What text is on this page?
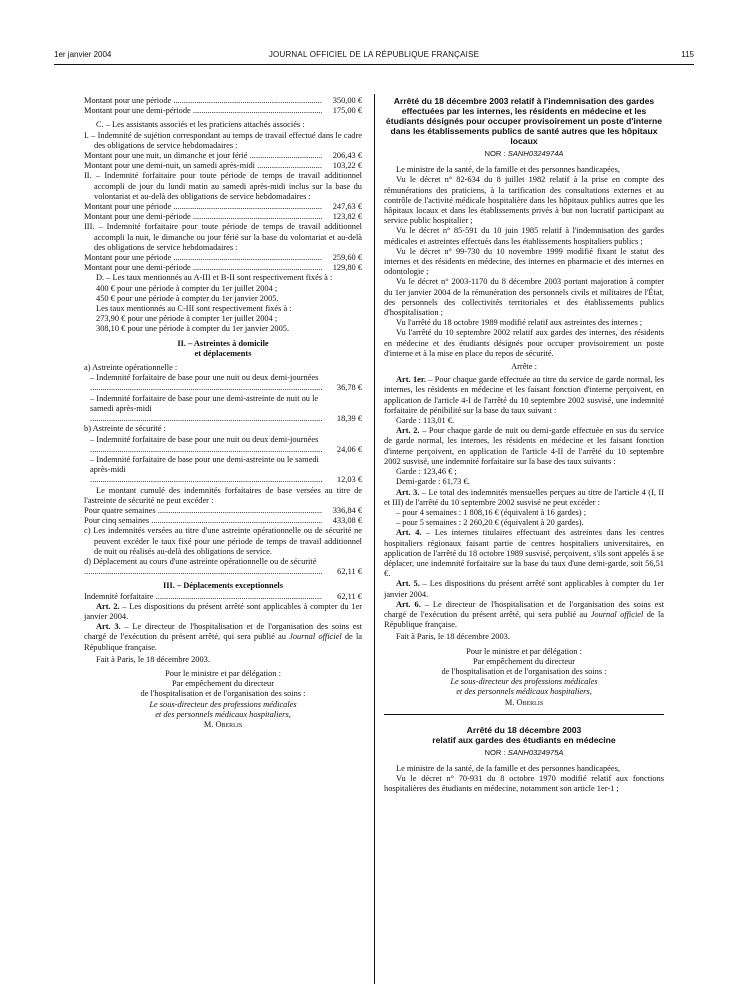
1er janvier 2004	JOURNAL OFFICIEL DE LA RÉPUBLIQUE FRANÇAISE	115
Montant pour une période .....	350,00 €
Montant pour une demi-période .....	175,00 €

C. – Les assistants associés et les praticiens attachés associés :

I. – Indemnité de sujétion correspondant au temps de travail effectué dans le cadre des obligations de service hebdomadaires :

Montant pour une nuit, un dimanche et jour férié .....	206,43 €
Montant pour une demi-nuit, un samedi après-midi .....	103,22 €

II. – Indemnité forfaitaire pour toute période de temps de travail additionnel accompli de jour du lundi matin au samedi après-midi inclus sur la base du volontariat et au-delà des obligations de service hebdomadaires :

Montant pour une période .....	247,63 €
Montant pour une demi-période .....	123,82 €

III. – Indemnité forfaitaire pour toute période de temps de travail additionnel accompli la nuit, le dimanche ou jour férié sur la base du volontariat et au-delà des obligations de service hebdomadaires :

Montant pour une période .....	259,60 €
Montant pour une demi-période .....	129,80 €

D. – Les taux mentionnés au A-III et B-II sont respectivement fixés à :

400 € pour une période à compter du 1er juillet 2004 ;

450 € pour une période à compter du 1er janvier 2005.

Les taux mentionnés au C-III sont respectivement fixés à :

273,90 € pour une période à compter 1er juillet 2004 ;

308,10 € pour une période à compter du 1er janvier 2005.

II. – Astreintes à domicile

et déplacements

a) Astreinte opérationnelle :

– Indemnité forfaitaire de base pour une nuit ou deux demi-journées .....
36,78 €
– Indemnité forfaitaire de base pour une demi-astreinte de nuit ou le samedi après-midi .....
18,39 €

b) Astreinte de sécurité :

– Indemnité forfaitaire de base pour une nuit ou deux demi-journées .....
24,06 €
– Indemnité forfaitaire de base pour une demi-astreinte ou le samedi après-midi .....
12,03 €

Le montant cumulé des indemnités forfaitaires de base versées au titre de l'astreinte de sécurité ne peut excéder :

Pour quatre semaines .....	336,84 €
Pour cinq semaines .....	433,08 €

c) Les indemnités versées au titre d'une astreinte opérationnelle ou de sécurité ne peuvent excéder le taux fixé pour une période de temps de travail additionnel de nuit ou réalisés au-delà des obligations de service.

d) Déplacement au cours d'une astreinte opérationnelle ou de sécurité .....
62,11 €

III. – Déplacements exceptionnels

Indemnité forfaitaire .....	62,11 €

Art. 2. – Les dispositions du présent arrêté sont applicables à compter du 1er janvier 2004.

Art. 3. – Le directeur de l'hospitalisation et de l'organisation des soins est chargé de l'exécution du présent arrêté, qui sera publié au Journal officiel de la République française.

Fait à Paris, le 18 décembre 2003.

Pour le ministre et par délégation :

Par empêchement du directeur

de l'hospitalisation et de l'organisation des soins :

Le sous-directeur des professions médicales

et des personnels médicaux hospitaliers,

M. Oberlis

Arrêté du 18 décembre 2003 relatif à l'indemnisation des gardes effectuées par les internes, les résidents en médecine et les étudiants désignés pour occuper provisoirement un poste d'interne dans les établissements publics de santé autres que les hôpitaux locaux

NOR : SANH0324974A

Le ministre de la santé, de la famille et des personnes handicapées,

Vu le décret n° 82-634 du 8 juillet 1982 relatif à la prise en compte des rémunérations des praticiens, à la tarification des consultations externes et au contrôle de l'activité médicale hospitalière dans les hôpitaux publics autres que les hôpitaux locaux et dans les établissements privés à but non lucratif participant au service public hospitalier ;

Vu le décret n° 85-591 du 10 juin 1985 relatif à l'indemnisation des gardes médicales et astreintes effectués dans les établissements hospitaliers publics ;

Vu le décret n° 99-730 du 10 novembre 1999 modifié fixant le statut des internes et des résidents en médecine, des internes en pharmacie et des internes en odontologie ;

Vu le décret n° 2003-1170 du 8 décembre 2003 portant majoration à compter du 1er janvier 2004 de la rémunération des personnels civils et militaires de l'État, des personnels des collectivités territoriales et des établissements publics d'hospitalisation ;

Vu l'arrêté du 18 octobre 1989 modifié relatif aux astreintes des internes ;

Vu l'arrêté du 10 septembre 2002 relatif aux gardes des internes, des résidents en médecine et des étudiants désignés pour occuper provisoirement un poste d'interne et à la mise en place du repos de sécurité.

Arrête :

Art. 1er. – Pour chaque garde effectuée au titre du service de garde normal, les internes, les résidents en médecine et les faisant fonction d'interne perçoivent, en application de l'article 4-I de l'arrêté du 10 septembre 2002 susvisé, une indemnité forfaitaire de pénibilité sur la base du taux suivant :

Garde : 113,01 €.

Art. 2. – Pour chaque garde de nuit ou demi-garde effectuée en sus du service de garde normal, les internes, les résidents en médecine et les faisant fonction d'interne perçoivent, en application de l'article 4-II de l'arrêté du 10 septembre 2002 susvisé, une indemnité forfaitaire sur la base des taux suivants :

Garde : 123,46 € ;

Demi-garde : 61,73 €.

Art. 3. – Le total des indemnités mensuelles perçues au titre de l'article 4 (I, II et III) de l'arrêté du 10 septembre 2002 susvisé ne peut excéder :

– pour 4 semaines : 1 808,16 € (équivalent à 16 gardes) ;

– pour 5 semaines : 2 260,20 € (équivalent à 20 gardes).

Art. 4. – Les internes titulaires effectuant des astreintes dans les centres hospitaliers régionaux faisant partie de centres hospitaliers universitaires, en application de l'arrêté du 18 octobre 1989 susvisé, perçoivent, s'ils sont appelés à se déplacer, une indemnité forfaitaire sur la base du taux d'une demi-garde, soit 56,51 €.

Art. 5. – Les dispositions du présent arrêté sont applicables à compter du 1er janvier 2004.

Art. 6. – Le directeur de l'hospitalisation et de l'organisation des soins est chargé de l'exécution du présent arrêté, qui sera publié au Journal officiel de la République française.

Fait à Paris, le 18 décembre 2003.

Pour le ministre et par délégation :

Par empêchement du directeur

de l'hospitalisation et de l'organisation des soins :

Le sous-directeur des professions médicales

et des personnels médicaux hospitaliers,

M. Oberlis

Arrêté du 18 décembre 2003

relatif aux gardes des étudiants en médecine

NOR : SANH0324975A

Le ministre de la santé, de la famille et des personnes handicapées,

Vu le décret n° 70-931 du 8 octobre 1970 modifié relatif aux fonctions hospitalières des étudiants en médecine, notamment son article 1er-1 ;
